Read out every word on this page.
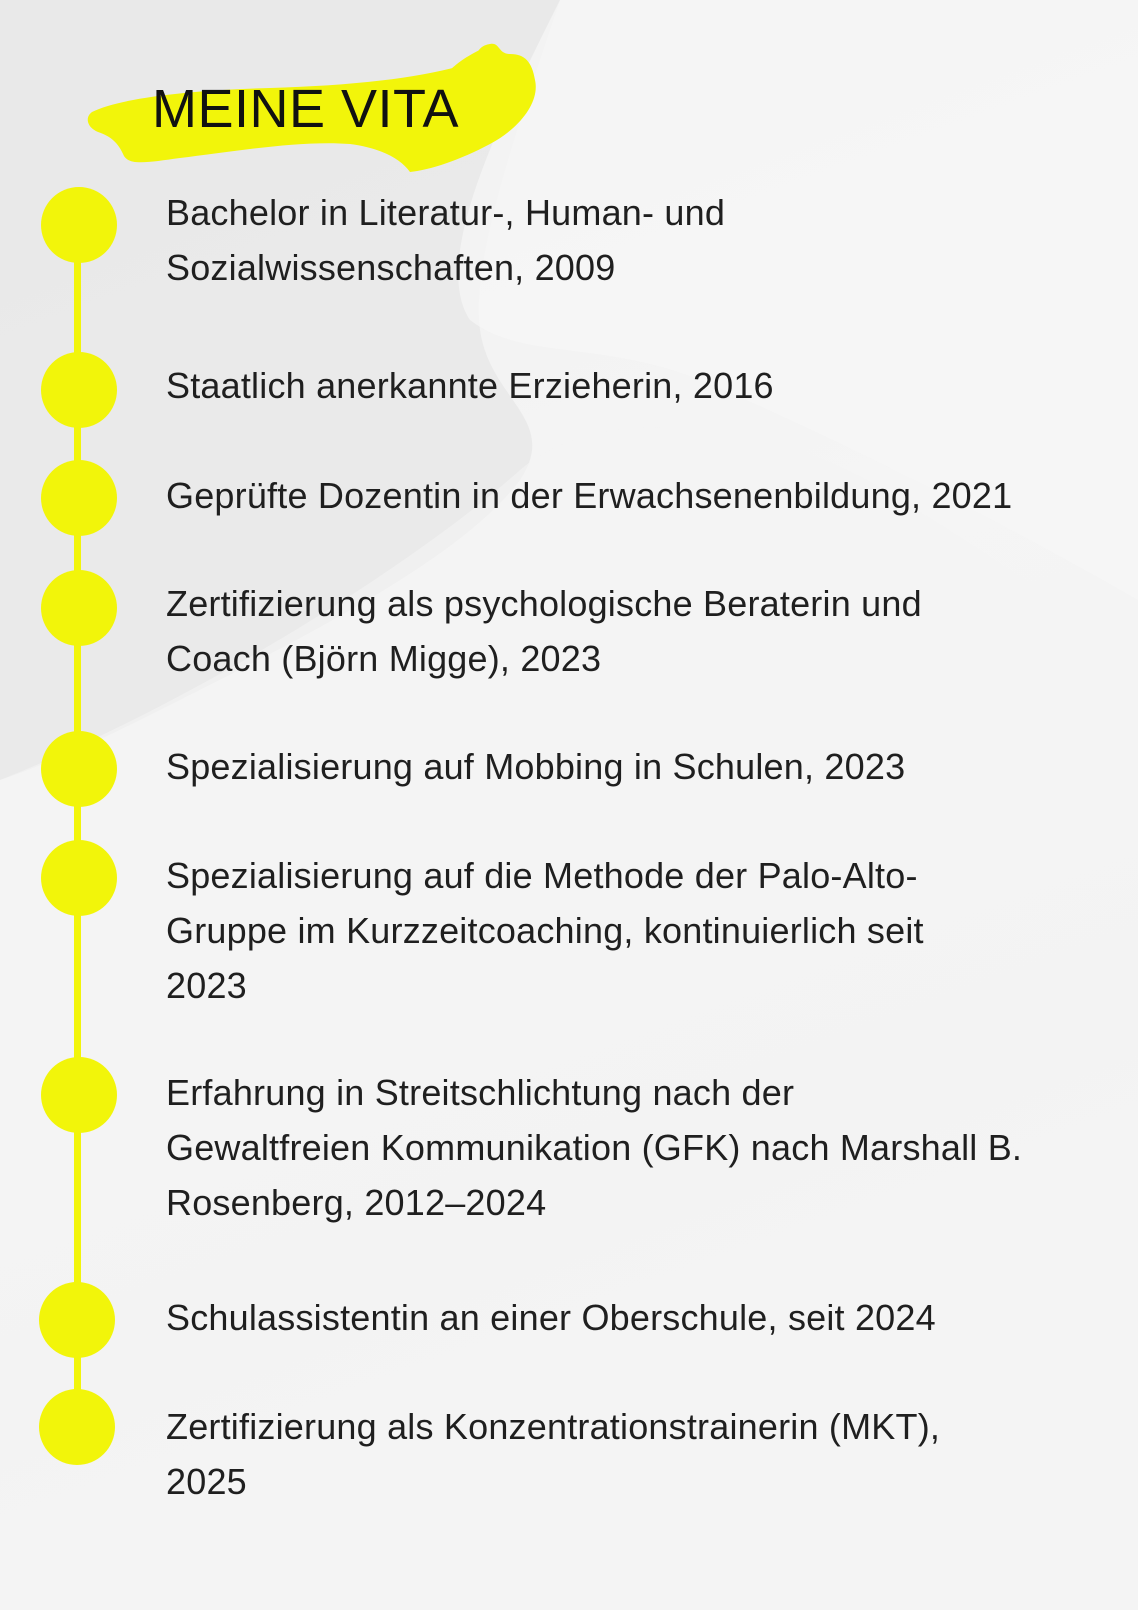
MEINE VITA

Bachelor in Literatur-, Human- und
Sozialwissenschaften, 2009

Staatlich anerkannte Erzieherin, 2016

Geprüfte Dozentin in der Erwachsenenbildung, 2021

Zertifizierung als psychologische Beraterin und
Coach (Björn Migge), 2023

Spezialisierung auf Mobbing in Schulen, 2023

Spezialisierung auf die Methode der Palo-Alto-
Gruppe im Kurzzeitcoaching, kontinuierlich seit
2023

Erfahrung in Streitschlichtung nach der
Gewaltfreien Kommunikation (GFK) nach Marshall B.
Rosenberg, 2012–2024

Schulassistentin an einer Oberschule, seit 2024

Zertifizierung als Konzentrationstrainerin (MKT),
2025
